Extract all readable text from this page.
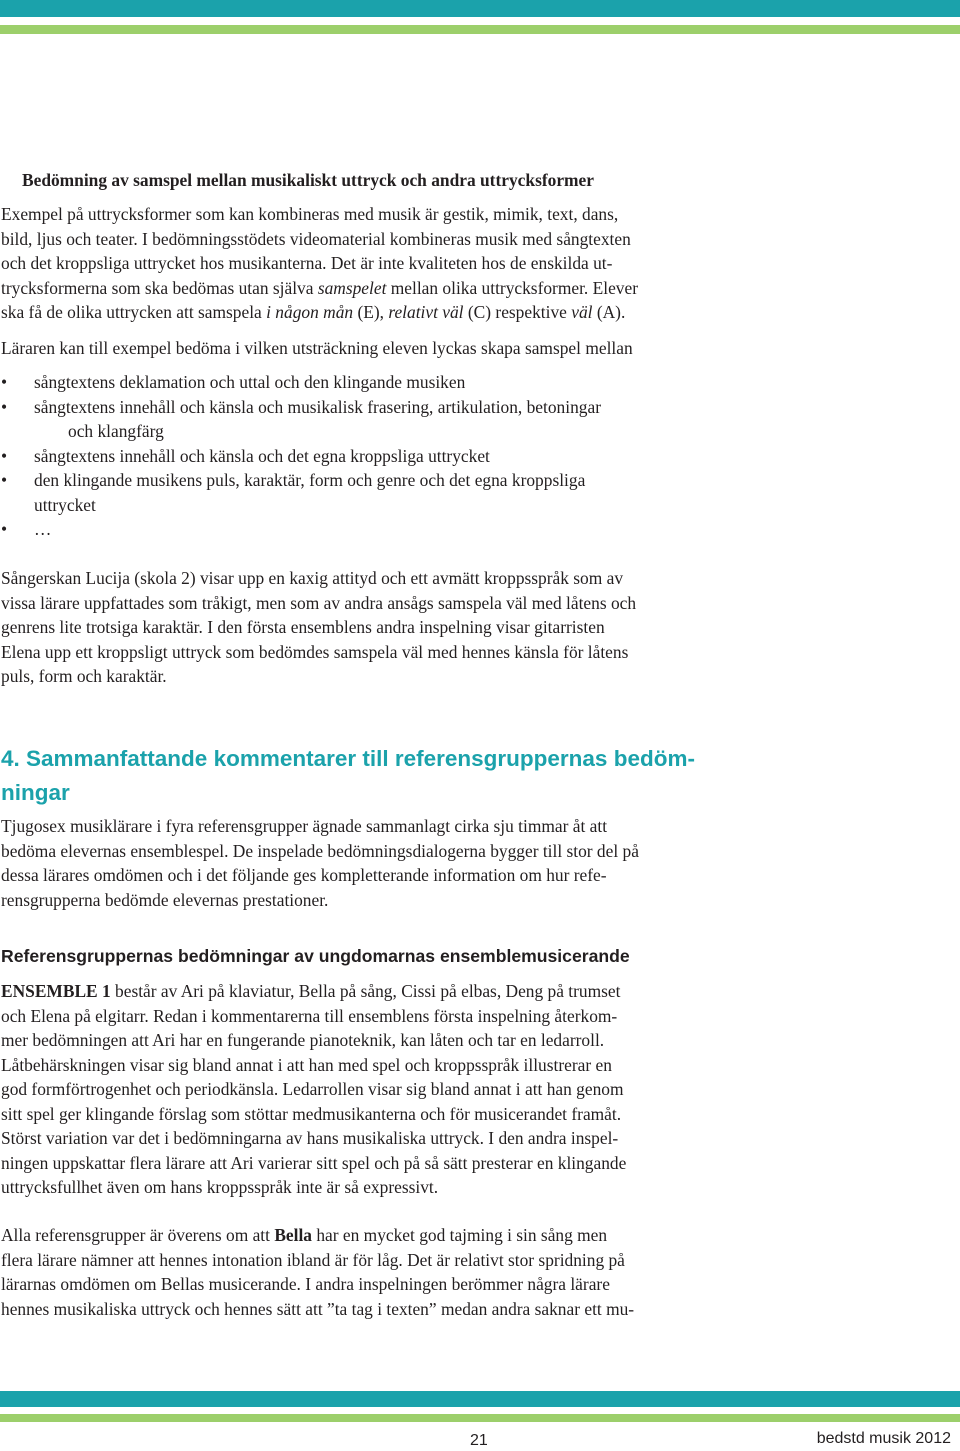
Bedömning av samspel mellan musikaliskt uttryck och andra uttrycksformer

Exempel på uttrycksformer som kan kombineras med musik är gestik, mimik, text, dans,
bild, ljus och teater. I bedömningsstödets videomaterial kombineras musik med sångtexten
och det kroppsliga uttrycket hos musikanterna. Det är inte kvaliteten hos de enskilda ut-
trycksformerna som ska bedömas utan själva samspelet mellan olika uttrycksformer. Elever
ska få de olika uttrycken att samspela i någon mån (E), relativt väl (C) respektive väl (A).

Läraren kan till exempel bedöma i vilken utsträckning eleven lyckas skapa samspel mellan

• sångtextens deklamation och uttal och den klingande musiken
• sångtextens innehåll och känsla och musikalisk frasering, artikulation, betoningar
och klangfärg
• sångtextens innehåll och känsla och det egna kroppsliga uttrycket
• den klingande musikens puls, karaktär, form och genre och det egna kroppsliga
uttrycket
• …

Sångerskan Lucija (skola 2) visar upp en kaxig attityd och ett avmätt kroppsspråk som av
vissa lärare uppfattades som tråkigt, men som av andra ansågs samspela väl med låtens och
genrens lite trotsiga karaktär. I den första ensemblens andra inspelning visar gitarristen
Elena upp ett kroppsligt uttryck som bedömdes samspela väl med hennes känsla för låtens
puls, form och karaktär.

4. Sammanfattande kommentarer till referensgruppernas bedöm-
ningar

Tjugosex musiklärare i fyra referensgrupper ägnade sammanlagt cirka sju timmar åt att
bedöma elevernas ensemblespel. De inspelade bedömningsdialogerna bygger till stor del på
dessa lärares omdömen och i det följande ges kompletterande information om hur refe-
rensgrupperna bedömde elevernas prestationer.

Referensgruppernas bedömningar av ungdomarnas ensemblemusicerande

ENSEMBLE 1 består av Ari på klaviatur, Bella på sång, Cissi på elbas, Deng på trumset
och Elena på elgitarr. Redan i kommentarerna till ensemblens första inspelning återkom-
mer bedömningen att Ari har en fungerande pianoteknik, kan låten och tar en ledarroll.
Låtbehärskningen visar sig bland annat i att han med spel och kroppsspråk illustrerar en
god formförtrogenhet och periodkänsla. Ledarrollen visar sig bland annat i att han genom
sitt spel ger klingande förslag som stöttar medmusikanterna och för musicerandet framåt.
Störst variation var det i bedömningarna av hans musikaliska uttryck. I den andra inspel-
ningen uppskattar flera lärare att Ari varierar sitt spel och på så sätt presterar en klingande
uttrycksfullhet även om hans kroppsspråk inte är så expressivt.

Alla referensgrupper är överens om att Bella har en mycket god tajming i sin sång men
flera lärare nämner att hennes intonation ibland är för låg. Det är relativt stor spridning på
lärarnas omdömen om Bellas musicerande. I andra inspelningen berömmer några lärare
hennes musikaliska uttryck och hennes sätt att ”ta tag i texten” medan andra saknar ett mu-

21	bedstd musik 2012
